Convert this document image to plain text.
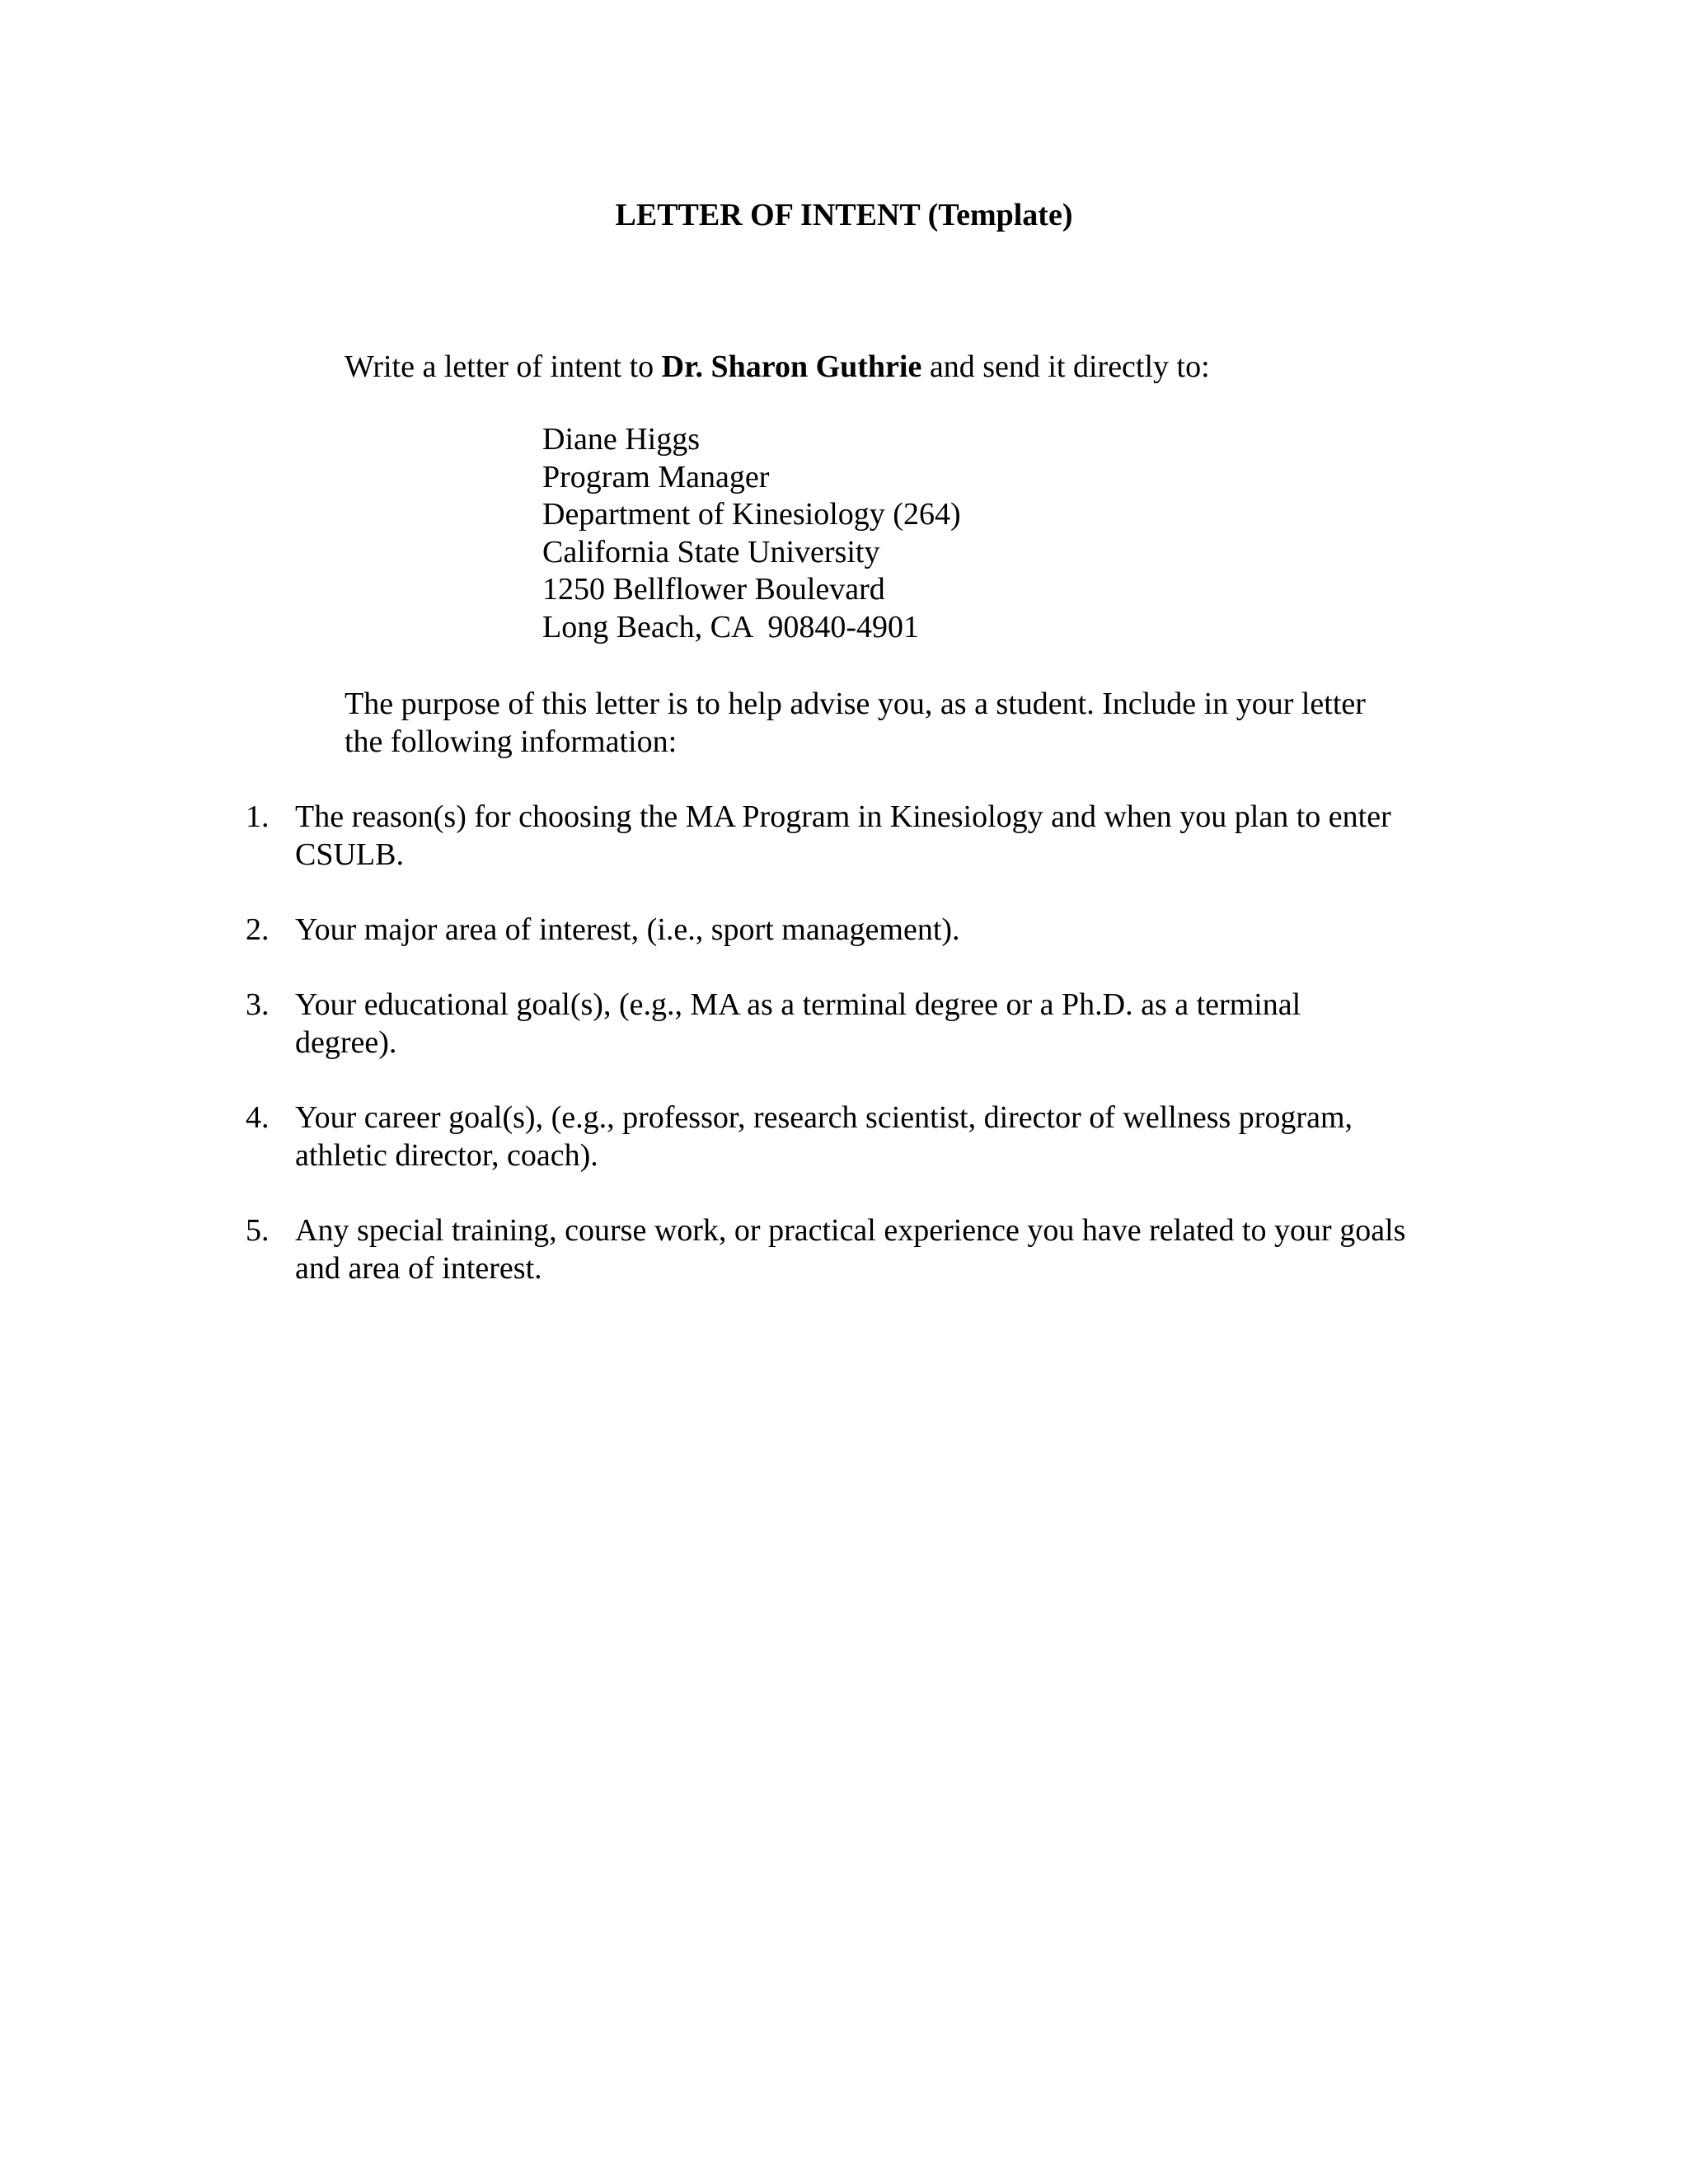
LETTER OF INTENT (Template)

Write a letter of intent to Dr. Sharon Guthrie and send it directly to:

Diane Higgs
Program Manager
Department of Kinesiology (264)
California State University
1250 Bellflower Boulevard
Long Beach, CA  90840-4901

The purpose of this letter is to help advise you, as a student. Include in your letter the following information:

1. The reason(s) for choosing the MA Program in Kinesiology and when you plan to enter CSULB.
2. Your major area of interest, (i.e., sport management).
3. Your educational goal(s), (e.g., MA as a terminal degree or a Ph.D. as a terminal degree).
4. Your career goal(s), (e.g., professor, research scientist, director of wellness program, athletic director, coach).
5. Any special training, course work, or practical experience you have related to your goals and area of interest.
